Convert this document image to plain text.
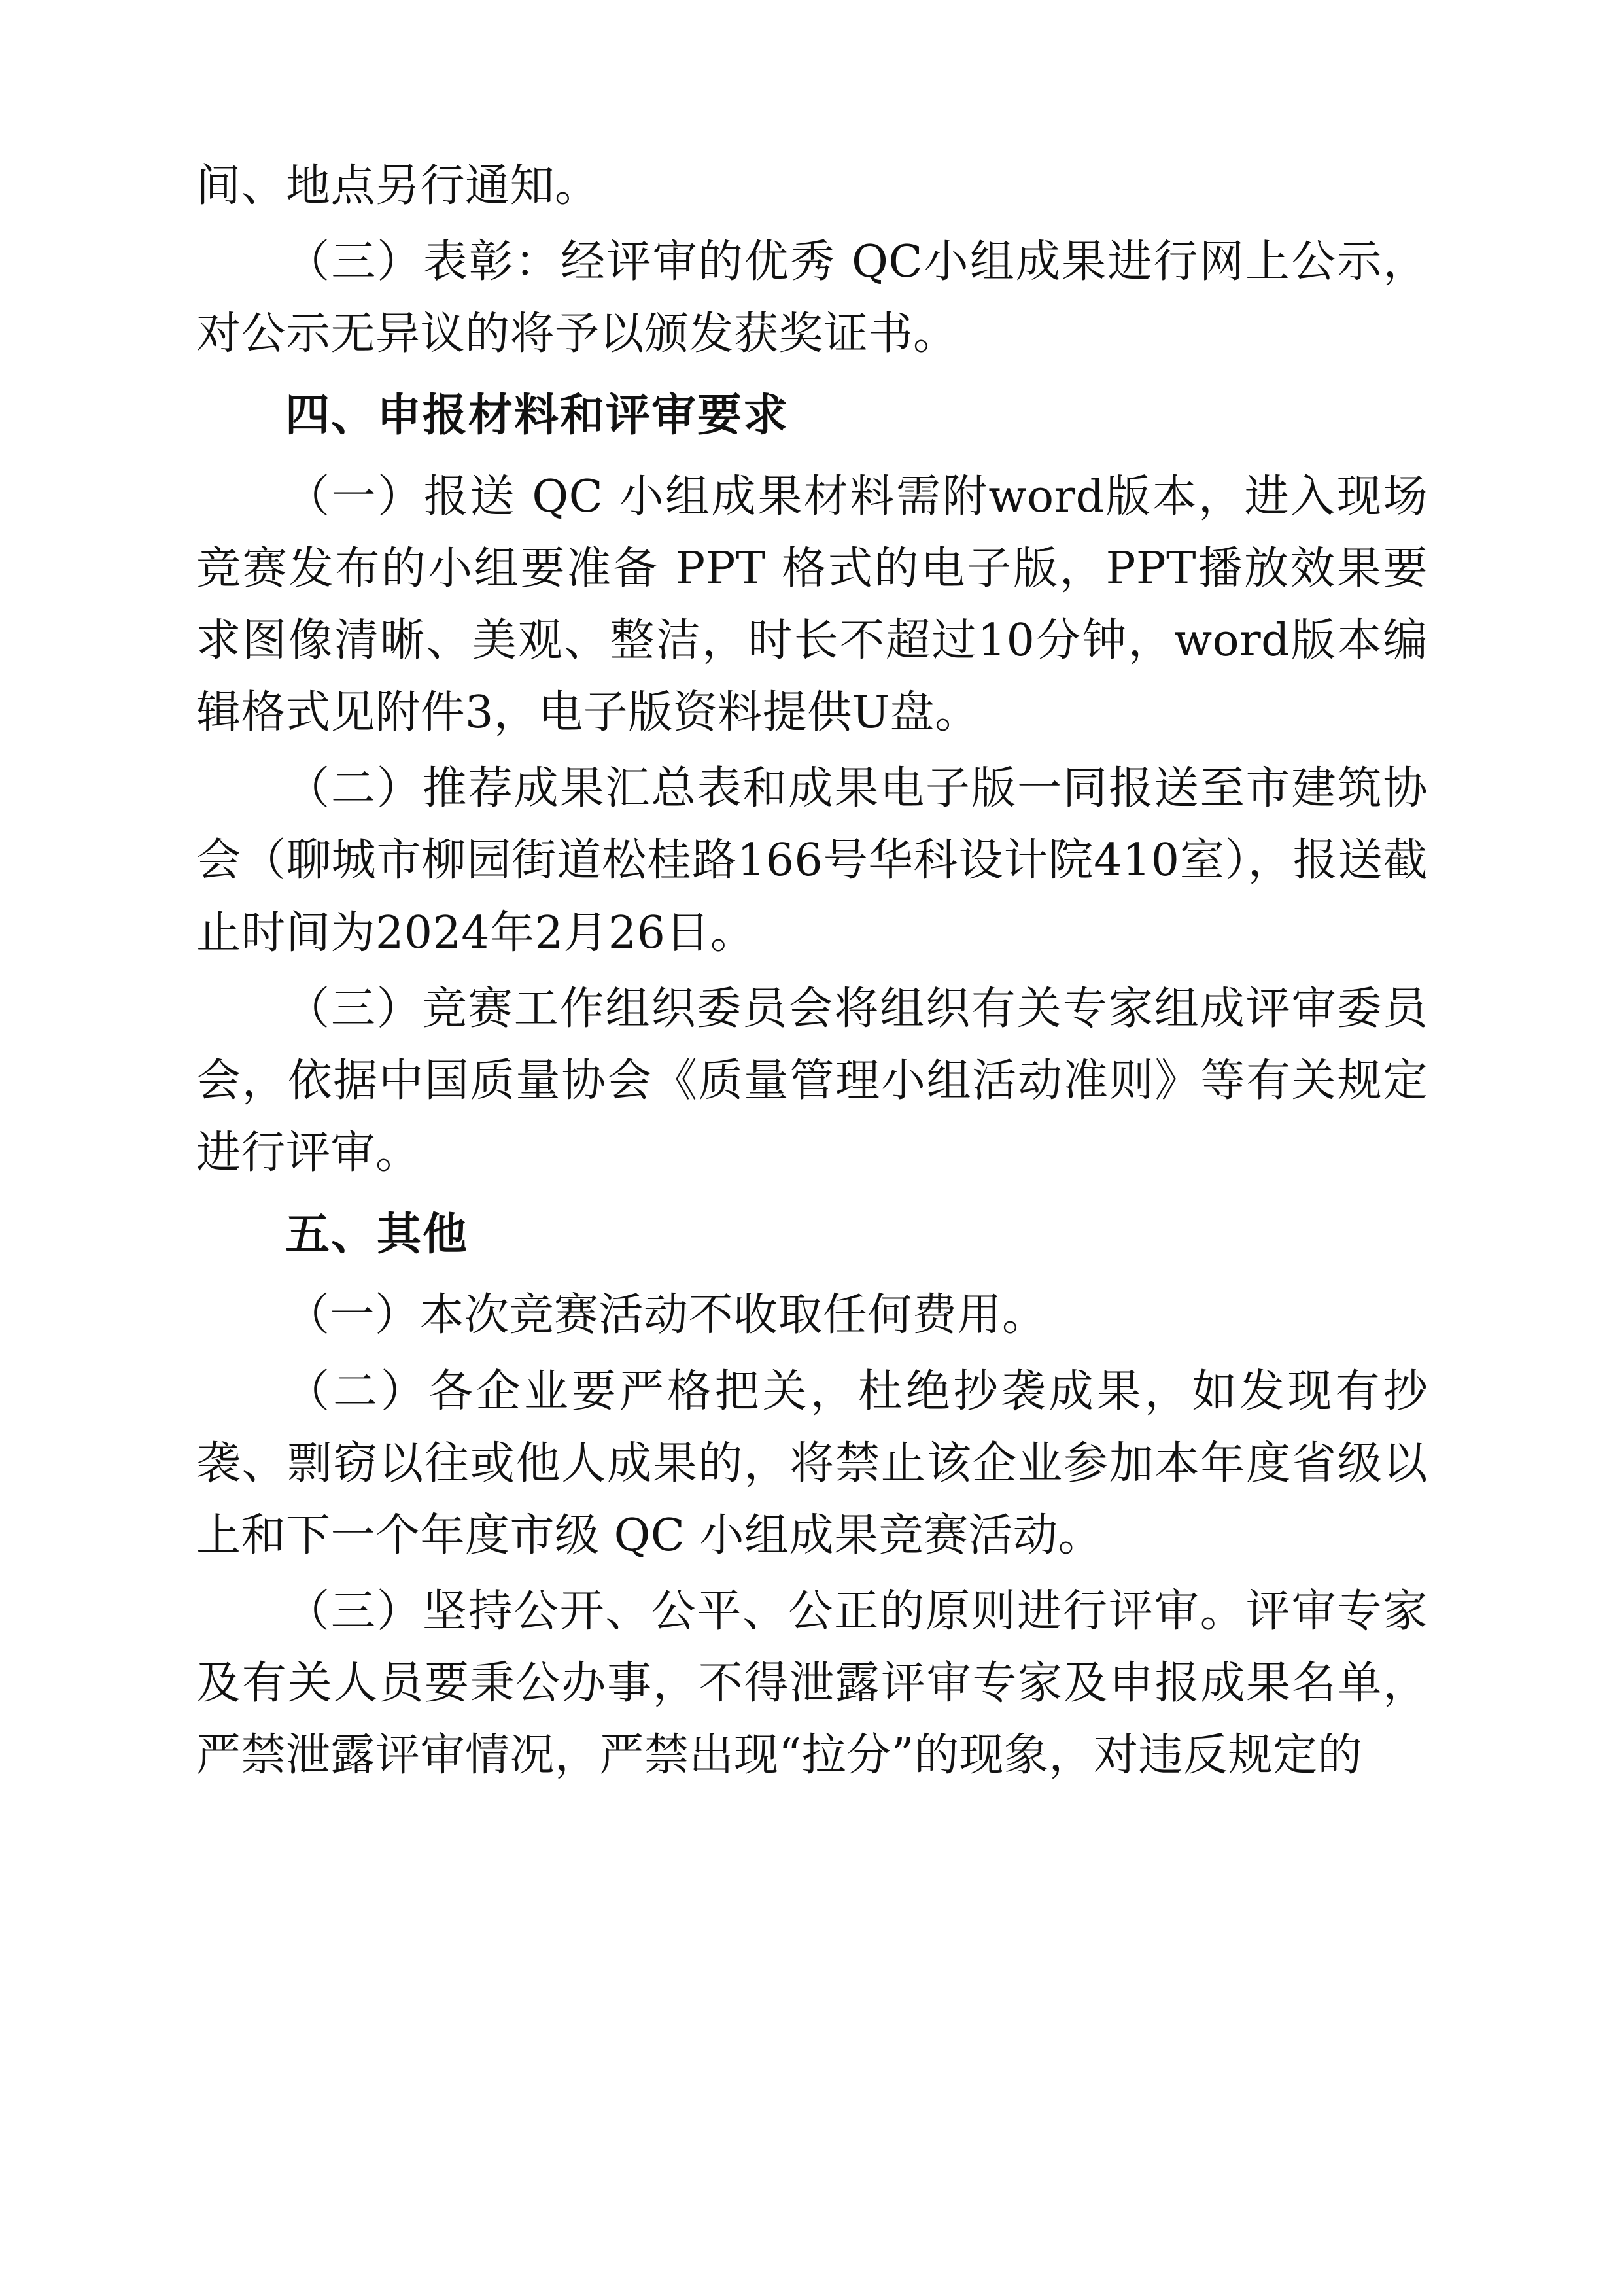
间、地点另行通知。

（三）表彰：经评审的优秀 QC小组成果进行网上公示，对公示无异议的将予以颁发获奖证书。

四、申报材料和评审要求

（一）报送 QC 小组成果材料需附word版本，进入现场竞赛发布的小组要准备 PPT 格式的电子版，PPT播放效果要求图像清晰、美观、整洁，时长不超过10分钟，word版本编辑格式见附件3，电子版资料提供U盘。

（二）推荐成果汇总表和成果电子版一同报送至市建筑协会（聊城市柳园街道松桂路166号华科设计院410室），报送截止时间为2024年2月26日。

（三）竞赛工作组织委员会将组织有关专家组成评审委员会，依据中国质量协会《质量管理小组活动准则》等有关规定进行评审。

五、其他

（一）本次竞赛活动不收取任何费用。

（二）各企业要严格把关，杜绝抄袭成果，如发现有抄袭、剽窃以往或他人成果的，将禁止该企业参加本年度省级以上和下一个年度市级 QC 小组成果竞赛活动。

（三）坚持公开、公平、公正的原则进行评审。评审专家及有关人员要秉公办事，不得泄露评审专家及申报成果名单，严禁泄露评审情况，严禁出现“拉分”的现象，对违反规定的
